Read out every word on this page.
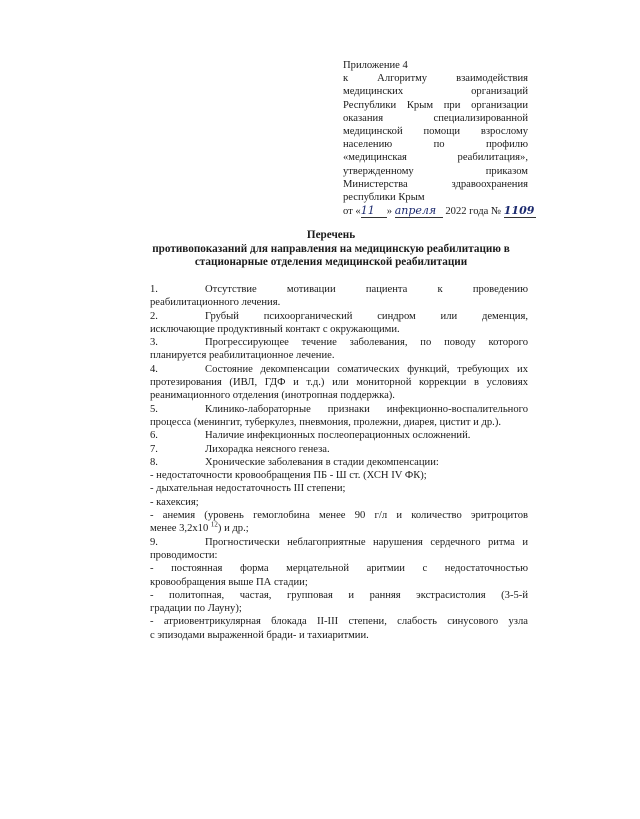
Приложение 4
к Алгоритму взаимодействия
медицинских организаций
Республики Крым при организации
оказания специализированной
медицинской помощи взрослому
населению по профилю
«медицинская реабилитация»,
утвержденному приказом
Министерства здравоохранения
республики Крым
от «11 » апреля 2022 года № 1109
Перечень
противопоказаний для направления на медицинскую реабилитацию в
стационарные отделения медицинской реабилитации
1.	Отсутствие мотивации пациента к проведению
реабилитационного лечения.
2.	Грубый психоорганический синдром или деменция,
исключающие продуктивный контакт с окружающими.
3.	Прогрессирующее течение заболевания, по поводу которого
планируется реабилитационное лечение.
4.	Состояние декомпенсации соматических функций, требующих их
протезирования (ИВЛ, ГДФ и т.д.) или мониторной коррекции в условиях реанимационного отделения (инотропная поддержка).
5.	Клинико-лабораторные признаки инфекционно-воспалительного
процесса (менингит, туберкулез, пневмония, пролежни, диарея, цистит и др.).
6.	Наличие инфекционных послеоперационных осложнений.
7.	Лихорадка неясного генеза.
8.	Хронические заболевания в стадии декомпенсации:
- недостаточности кровообращения ПБ - Ш ст. (ХСН IV ФК);
- дыхательная недостаточность III степени;
- кахексия;
- анемия (уровень гемоглобина менее 90 г/л и количество эритроцитов
менее 3,2х10 $^{12}$) и др.;
9.	Прогностически неблагоприятные нарушения сердечного ритма и
проводимости:
- постоянная форма мерцательной аритмии с недостаточностью
кровообращения выше ПА стадии;
- политопная, частая, групповая и ранняя экстрасистолия (3-5-й
градации по Лауну);
- атриовентрикулярная блокада II-III степени, слабость синусового узла
с эпизодами выраженной бради- и тахиаритмии.
